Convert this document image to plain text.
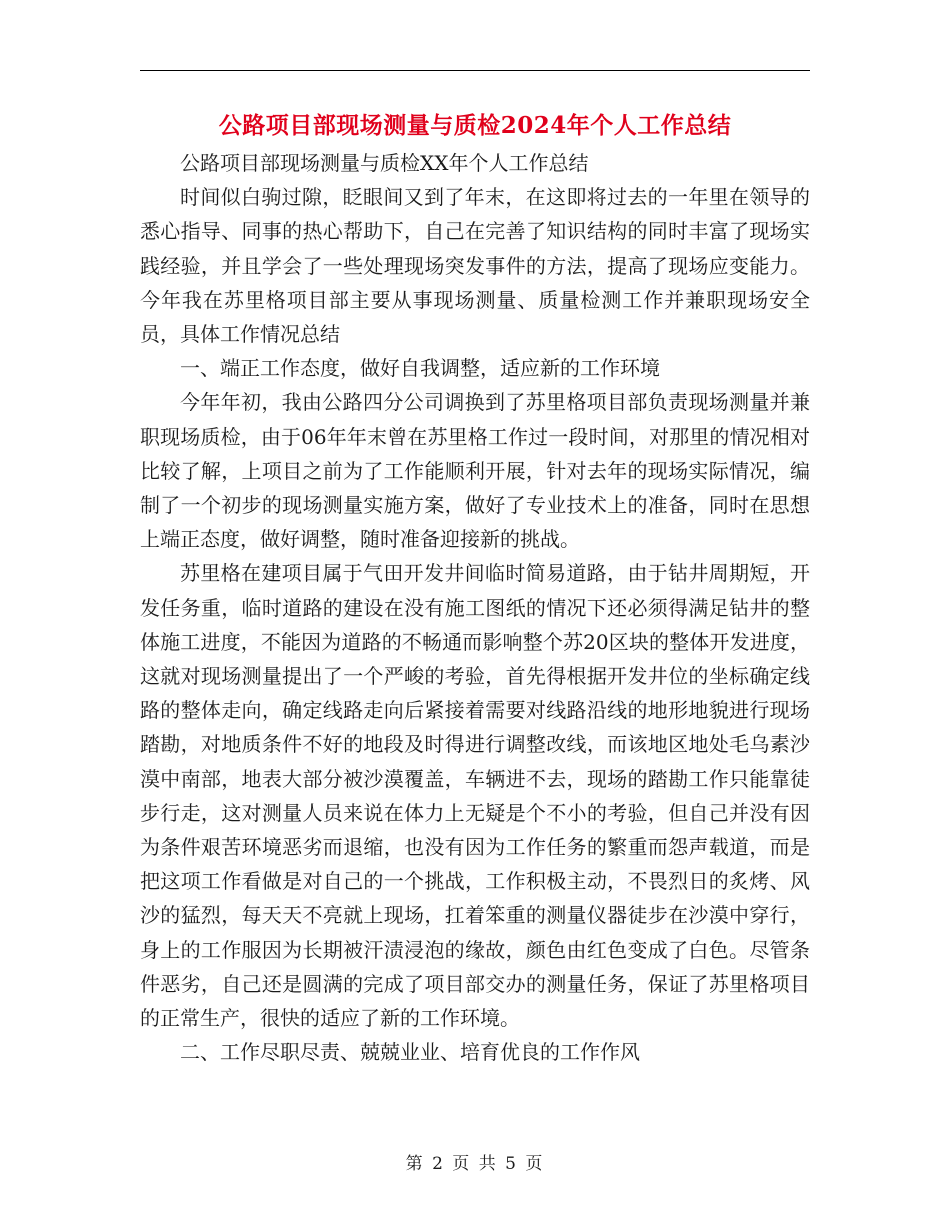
公路项目部现场测量与质检2024年个人工作总结

公路项目部现场测量与质检XX年个人工作总结

时间似白驹过隙，眨眼间又到了年末，在这即将过去的一年里在领导的悉心指导、同事的热心帮助下，自己在完善了知识结构的同时丰富了现场实践经验，并且学会了一些处理现场突发事件的方法，提高了现场应变能力。今年我在苏里格项目部主要从事现场测量、质量检测工作并兼职现场安全员，具体工作情况总结

一、端正工作态度，做好自我调整，适应新的工作环境

今年年初，我由公路四分公司调换到了苏里格项目部负责现场测量并兼职现场质检，由于06年年末曾在苏里格工作过一段时间，对那里的情况相对比较了解，上项目之前为了工作能顺利开展，针对去年的现场实际情况，编制了一个初步的现场测量实施方案，做好了专业技术上的准备，同时在思想上端正态度，做好调整，随时准备迎接新的挑战。

苏里格在建项目属于气田开发井间临时简易道路，由于钻井周期短，开发任务重，临时道路的建设在没有施工图纸的情况下还必须得满足钻井的整体施工进度，不能因为道路的不畅通而影响整个苏20区块的整体开发进度，这就对现场测量提出了一个严峻的考验，首先得根据开发井位的坐标确定线路的整体走向，确定线路走向后紧接着需要对线路沿线的地形地貌进行现场踏勘，对地质条件不好的地段及时得进行调整改线，而该地区地处毛乌素沙漠中南部，地表大部分被沙漠覆盖，车辆进不去，现场的踏勘工作只能靠徒步行走，这对测量人员来说在体力上无疑是个不小的考验，但自己并没有因为条件艰苦环境恶劣而退缩，也没有因为工作任务的繁重而怨声载道，而是把这项工作看做是对自己的一个挑战，工作积极主动，不畏烈日的炙烤、风沙的猛烈，每天天不亮就上现场，扛着笨重的测量仪器徒步在沙漠中穿行，身上的工作服因为长期被汗渍浸泡的缘故，颜色由红色变成了白色。尽管条件恶劣，自己还是圆满的完成了项目部交办的测量任务，保证了苏里格项目的正常生产，很快的适应了新的工作环境。

二、工作尽职尽责、兢兢业业、培育优良的工作作风

第 2 页 共 5 页
